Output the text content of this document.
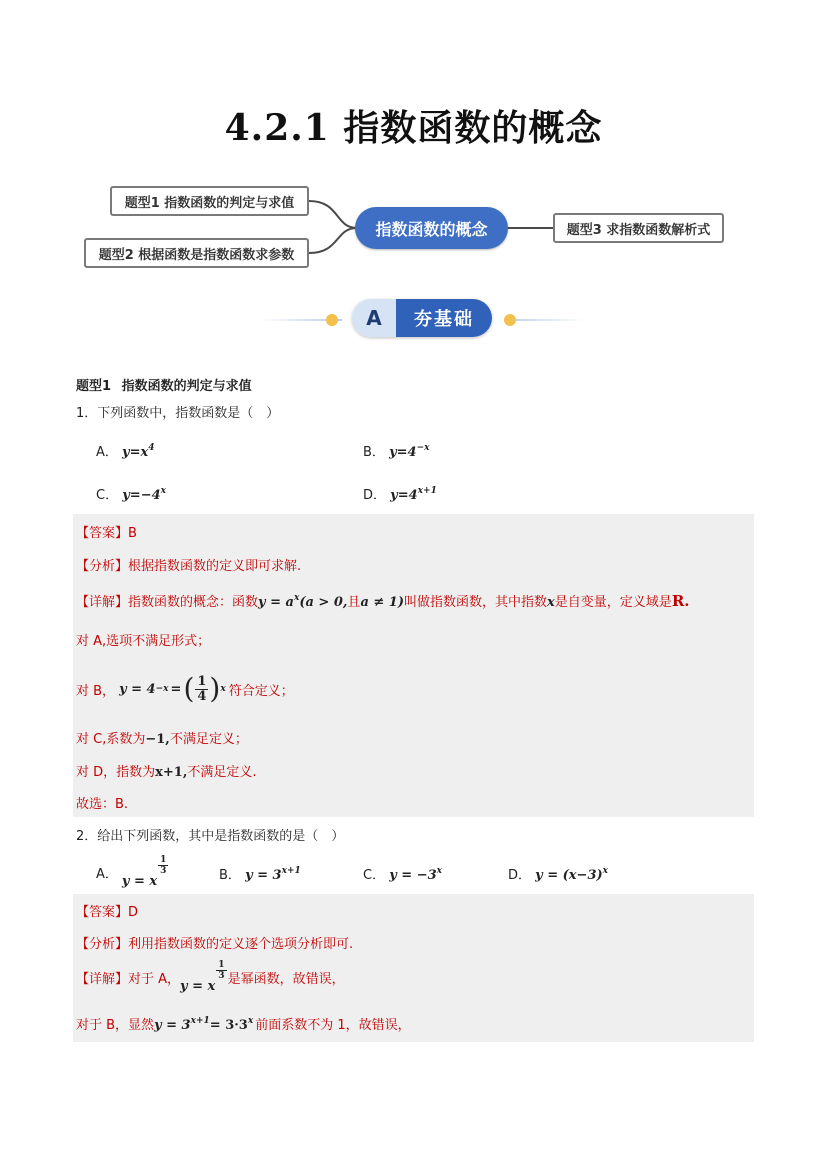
4.2.1 指数函数的概念
题型1 指数函数的判定与求值
题型2 根据函数是指数函数求参数
指数函数的概念	题型3 求指数函数解析式
A	夯基础
题型1 指数函数的判定与求值
1．下列函数中，指数函数是（　）
A． $y=x^4$	B． $y=4^{-x}$
C． $y=-4^x$	D． $y=4^{x+1}$
【答案】B
【分析】根据指数函数的定义即可求解.
【详解】指数函数的概念：函数$y = a^x(a > 0$,且a ≠ 1)叫做指数函数，其中指数x是自变量，定义域是R.
对 A,选项不满足形式；
对 B， y = 4 −x = ( $\frac{1}{4}$ ) x 符合定义；
对 C,系数为−1,不满足定义；
对 D，指数为x+1,不满足定义.
故选：B.
2．给出下列函数，其中是指数函数的是（　）
A． y = x
$\frac{1}{3}$	B． $y = 3^{x+1}$	C． $y = -3^x$	D． $y = (x-3)^x$
【答案】D
【分析】利用指数函数的定义逐个选项分析即可.
【详解】 对于 A， y = x
$\frac{1}{3}$ 是幂函数，故错误，
对于 B，显然$y = 3^{x+1}= 3\cdot 3^x$ 前面系数不为 1，故错误，
